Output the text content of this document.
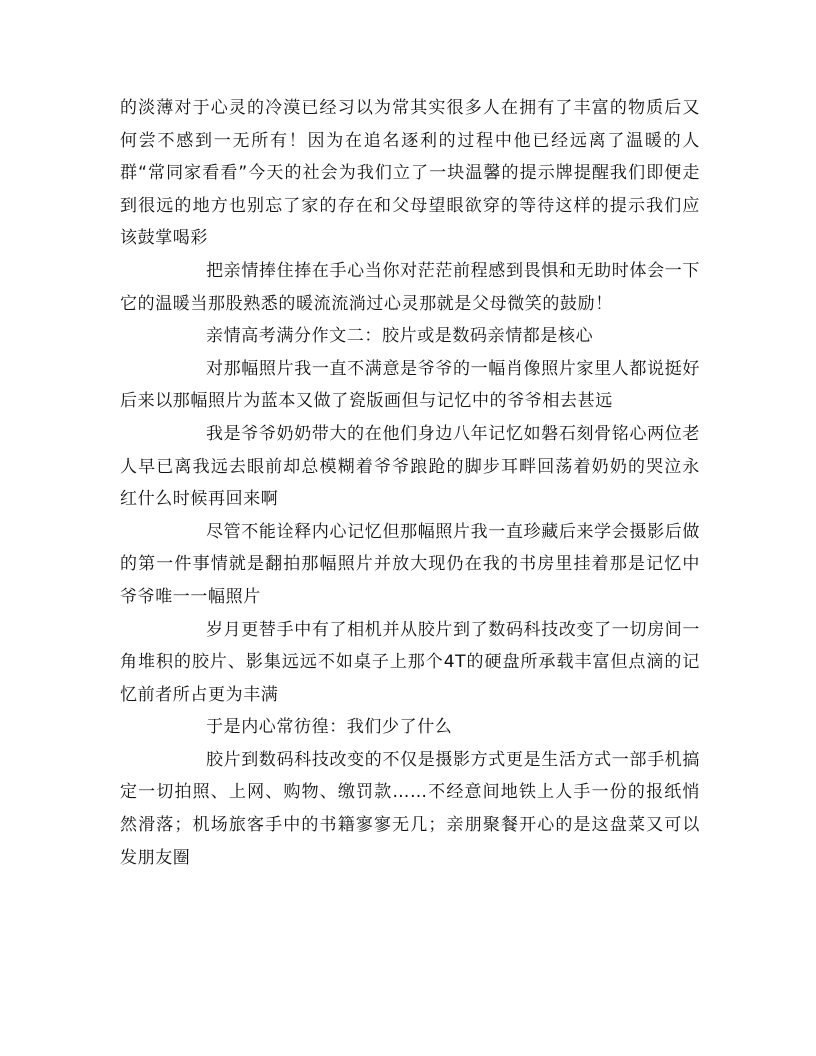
的淡薄对于心灵的冷漠已经习以为常其实很多人在拥有了丰富的物质后又何尝不感到一无所有！因为在追名逐利的过程中他已经远离了温暖的人群“常同家看看”今天的社会为我们立了一块温馨的提示牌提醒我们即便走到很远的地方也别忘了家的存在和父母望眼欲穿的等待这样的提示我们应该鼓掌喝彩

把亲情捧住捧在手心当你对茫茫前程感到畏惧和无助时体会一下它的温暖当那股熟悉的暖流流淌过心灵那就是父母微笑的鼓励！

亲情高考满分作文二：胶片或是数码亲情都是核心

对那幅照片我一直不满意是爷爷的一幅肖像照片家里人都说挺好后来以那幅照片为蓝本又做了瓷版画但与记忆中的爷爷相去甚远

我是爷爷奶奶带大的在他们身边八年记忆如磐石刻骨铭心两位老人早已离我远去眼前却总模糊着爷爷踉跄的脚步耳畔回荡着奶奶的哭泣永红什么时候再回来啊

尽管不能诠释内心记忆但那幅照片我一直珍藏后来学会摄影后做的第一件事情就是翻拍那幅照片并放大现仍在我的书房里挂着那是记忆中爷爷唯一一幅照片

岁月更替手中有了相机并从胶片到了数码科技改变了一切房间一角堆积的胶片、影集远远不如桌子上那个4T的硬盘所承载丰富但点滴的记忆前者所占更为丰满

于是内心常彷徨：我们少了什么

胶片到数码科技改变的不仅是摄影方式更是生活方式一部手机搞定一切拍照、上网、购物、缴罚款……不经意间地铁上人手一份的报纸悄然滑落；机场旅客手中的书籍寥寥无几；亲朋聚餐开心的是这盘菜又可以发朋友圈
